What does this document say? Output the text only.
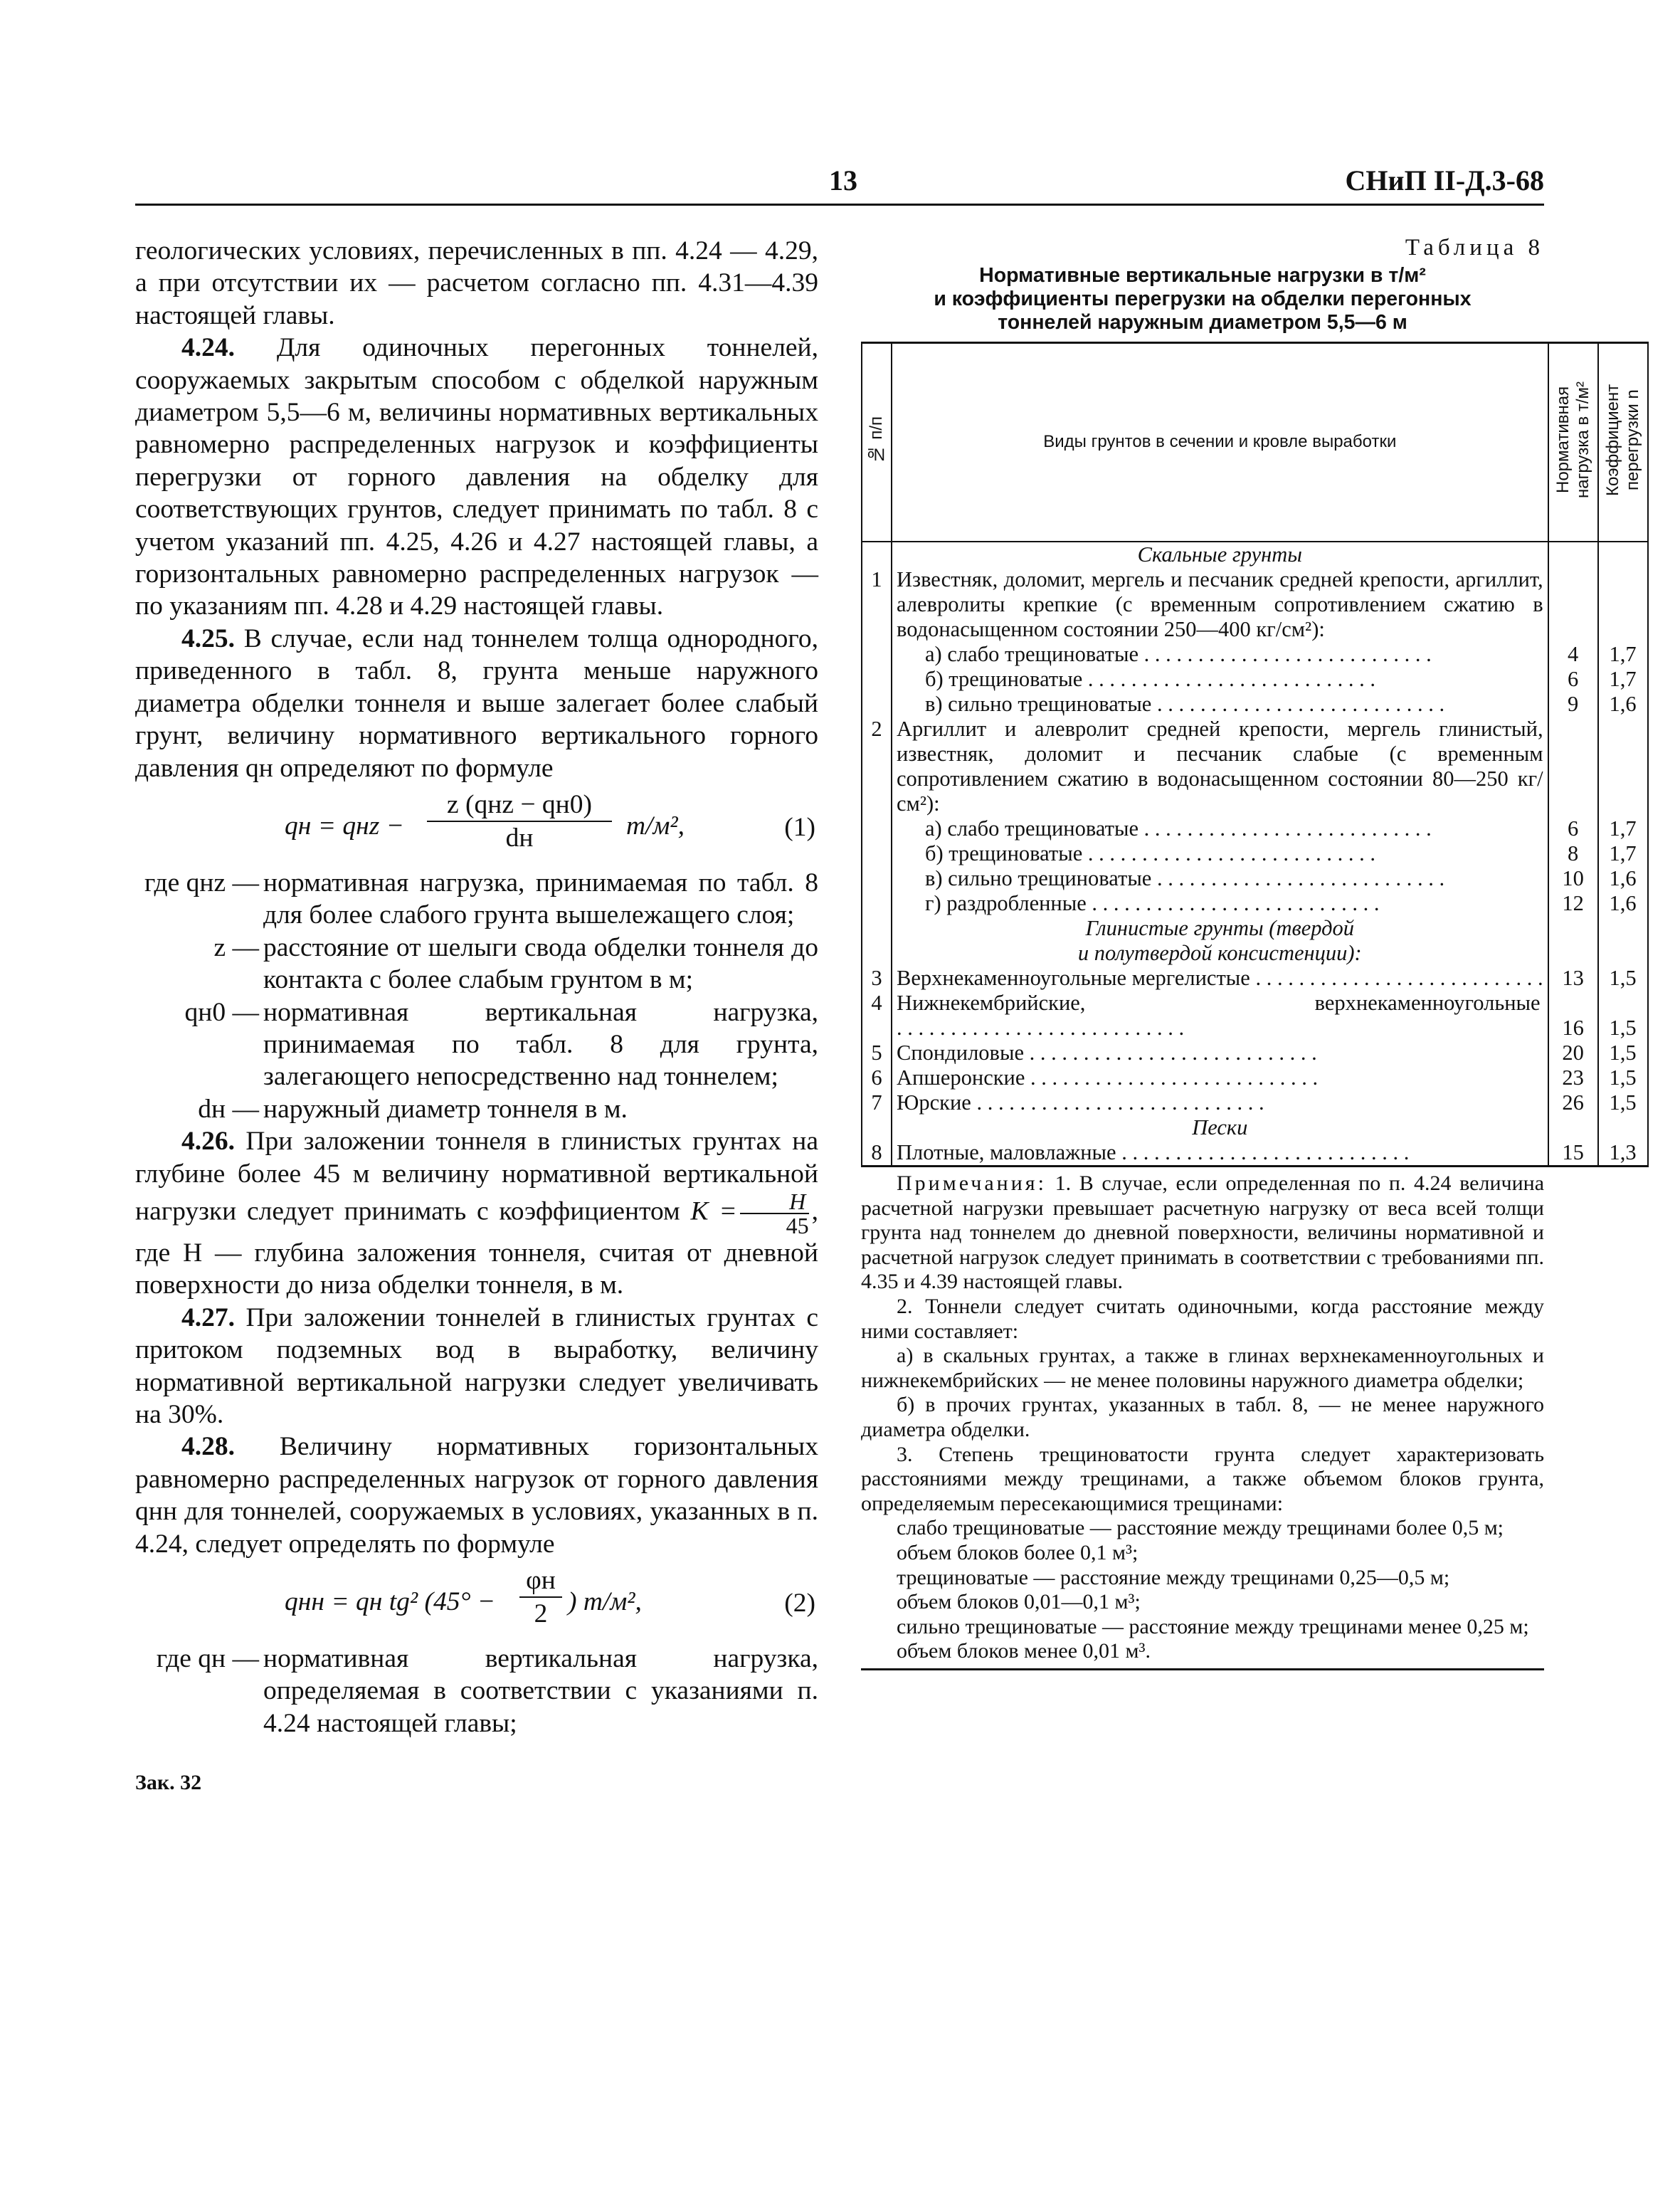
13	СНиП II-Д.3-68
геологических условиях, перечисленных в пп. 4.24 — 4.29, а при отсутствии их — расчетом согласно пп. 4.31—4.39 настоящей главы.
4.24. Для одиночных перегонных тоннелей, сооружаемых закрытым способом с обделкой наружным диаметром 5,5—6 м, величины нормативных вертикальных равномерно распределенных нагрузок и коэффициенты перегрузки от горного давления на обделку для соответствующих грунтов, следует принимать по табл. 8 с учетом указаний пп. 4.25, 4.26 и 4.27 настоящей главы, а горизонтальных равномерно распределенных нагрузок — по указаниям пп. 4.28 и 4.29 настоящей главы.
4.25. В случае, если над тоннелем толща однородного, приведенного в табл. 8, грунта меньше наружного диаметра обделки тоннеля и выше залегает более слабый грунт, величину нормативного вертикального горного давления qн определяют по формуле
qн = qнz −
z (qнz − qн0)
dн	т/м²,	(1)
где qнz — нормативная нагрузка, принимаемая по табл. 8 для более слабого грунта вышележащего слоя;
z — расстояние от шелыги свода обделки тоннеля до контакта с более слабым грунтом в м;
qн0 — нормативная вертикальная нагрузка, принимаемая по табл. 8 для грунта, залегающего непосредственно над тоннелем;
dн — наружный диаметр тоннеля в м.
4.26. При заложении тоннеля в глинистых грунтах на глубине более 45 м величину нормативной вертикальной нагрузки следует принимать с коэффициентом $K = \frac{H}{45}$ , где H — глубина заложения тоннеля, считая от дневной поверхности до низа обделки тоннеля, в м.
4.27. При заложении тоннелей в глинистых грунтах с притоком подземных вод в выработку, величину нормативной вертикальной нагрузки следует увеличивать на 30%.
4.28. Величину нормативных горизонтальных равномерно распределенных нагрузок от горного давления qнн для тоннелей, сооружаемых в условиях, указанных в п. 4.24, следует определять по формуле
qнн = qн tg² (45° −
φн
2 ) т/м²,	(2)
где qн — нормативная вертикальная нагрузка, определяемая в соответствии с указаниями п. 4.24 настоящей главы;
Зак. 32
Таблица 8
Нормативные вертикальные нагрузки в т/м²
и коэффициенты перегрузки на обделки перегонных
тоннелей наружным диаметром 5,5—6 м
№ п/п	Виды грунтов в сечении и кровле выработки	Нормативная нагрузка в т/м²	Коэффициент перегрузки n
	Скальные грунты		
1	Известняк, доломит, мергель и песчаник средней крепости, аргиллит, алевролиты крепкие (с временным сопротивлением сжатию в водонасыщенном состоянии 250—400 кг/см²):		

	а) слабо трещиноватые . . .	4	1,7

	б) трещиноватые . . .	6	1,7

	в) сильно трещиноватые . . .	9	1,6
2	Аргиллит и алевролит средней крепости, мергель глинистый, известняк, доломит и песчаник слабые (с временным сопротивлением сжатию в водонасыщенном состоянии 80—250 кг/см²):		

	а) слабо трещиноватые . . .	6	1,7

	б) трещиноватые . . .	8	1,7

	в) сильно трещиноватые . . .	10	1,6

	г) раздробленные . . .	12	1,6

	Глинистые грунты (твердой
и полутвердой консистенции):		

3	Верхнекаменноугольные мергелистые . . .	13	1,5
4	Нижнекембрийские, верхнекаменноугольные . . .	16	1,5
5	Спондиловые . . .	20	1,5
6	Апшеронские . . .	23	1,5
7	Юрские . . .	26	1,5
	Пески		
8	Плотные, маловлажные . . .	15	1,3
Примечания: 1. В случае, если определенная по п. 4.24 величина расчетной нагрузки превышает расчетную нагрузку от веса всей толщи грунта над тоннелем до дневной поверхности, величины нормативной и расчетной нагрузок следует принимать в соответствии с требованиями пп. 4.35 и 4.39 настоящей главы.
2. Тоннели следует считать одиночными, когда расстояние между ними составляет:
а) в скальных грунтах, а также в глинах верхнекаменноугольных и нижнекембрийских — не менее половины наружного диаметра обделки;
б) в прочих грунтах, указанных в табл. 8, — не менее наружного диаметра обделки.
3. Степень трещиноватости грунта следует характеризовать расстояниями между трещинами, а также объемом блоков грунта, определяемым пересекающимися трещинами:
слабо трещиноватые — расстояние между трещинами более 0,5 м;
объем блоков более 0,1 м³;
трещиноватые — расстояние между трещинами 0,25—0,5 м;
объем блоков 0,01—0,1 м³;
сильно трещиноватые — расстояние между трещинами менее 0,25 м;
объем блоков менее 0,01 м³.
